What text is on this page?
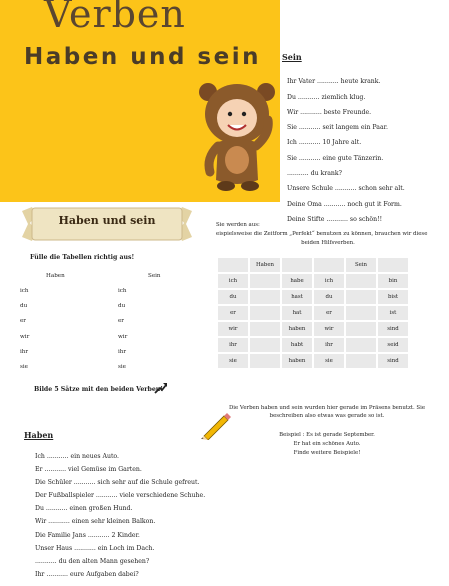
Verben
Haben und sein	Sein
Ihr Vater ........... heute krank.
Du ........... ziemlich klug.
Wir ........... beste Freunde.
Sie ........... seit langem ein Paar.
Ich ........... 10 Jahre alt.
Sie ........... eine gute Tänzerin.
........... du krank?
Unsere Schule ........... schon sehr alt.
Deine Oma ........... noch gut it Form.
Deine Stifte ........... so schön!!
Haben und sein
Fülle die Tabellen richtig aus!
Haben	Sein
ich	ich
du	du
er	er
wir	wir
ihr	ihr
sie	sie
Bilde 5 Sätze mit den beiden Verben!
Sie werden aus:
eispielsweise die Zeitform „Perfekt“ benutzen zu können, brauchen wir diese
beiden Hilfsverben.
	Haben			Sein	
ich		habe	ich		bin
du		hast	du		bist
er		hat	er		ist
wir		haben	wir		sind
ihr		habt	ihr		seid
sie		haben	sie		sind
Die Verben haben und sein wurden hier gerade im Präsens benutzt. Sie
beschreiben also etwas was gerade so ist.
Beispiel : Es ist gerade September.
Er hat ein schönes Auto.
Finde weitere Beispiele!
Haben
Ich ........... ein neues Auto.
Er ........... viel Gemüse im Garten.
Die Schüler ........... sich sehr auf die Schule gefreut.
Der Fußballspieler ........... viele verschiedene Schuhe.
Du ........... einen großen Hund.
Wir ........... einen sehr kleinen Balkon.
Die Familie Jans ........... 2 Kinder.
Unser Haus ........... ein Loch im Dach.
........... du den alten Mann gesehen?
Ihr ........... eure Aufgaben dabei?
